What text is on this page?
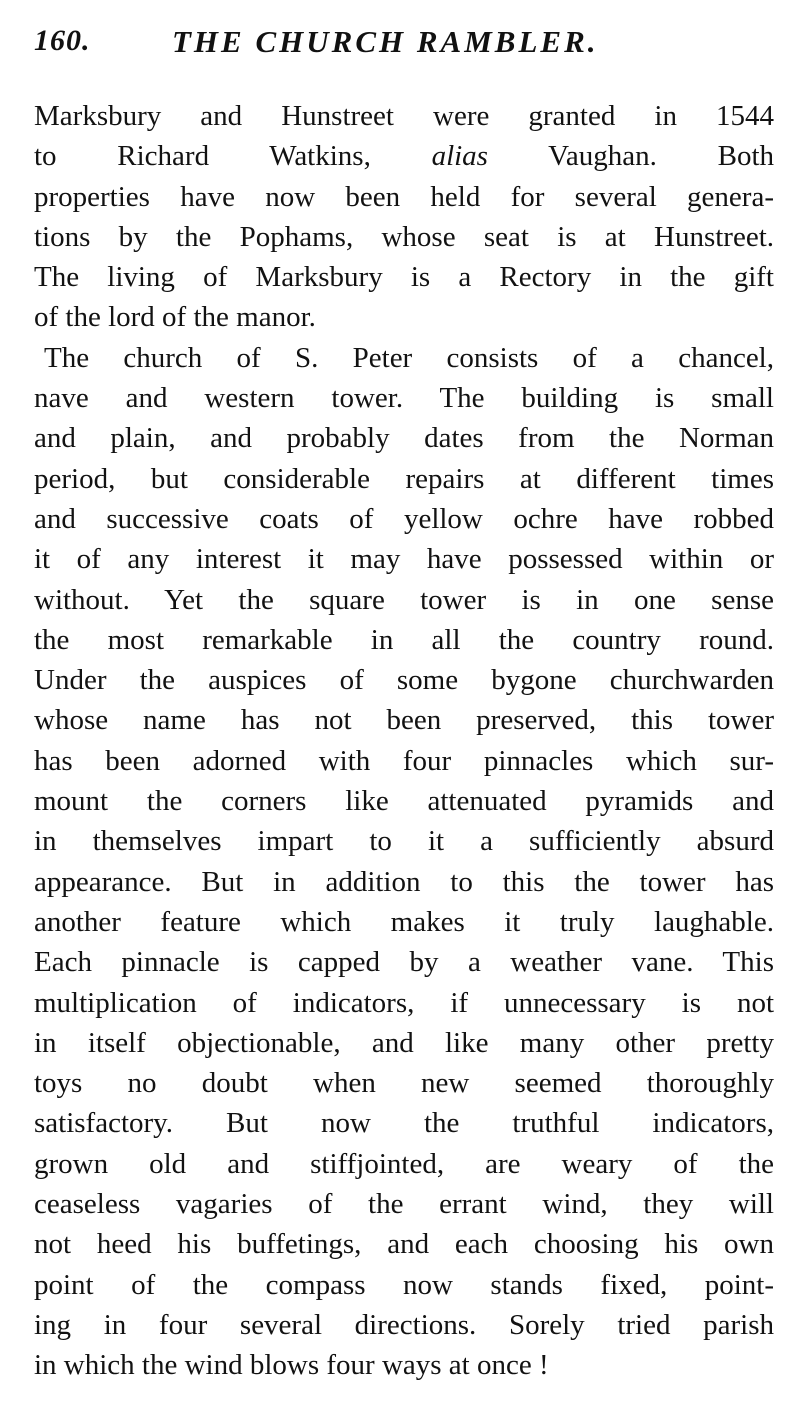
160.	THE CHURCH RAMBLER.
Marksbury and Hunstreet were granted in 1544
to Richard Watkins, alias Vaughan. Both
properties have now been held for several genera-
tions by the Pophams, whose seat is at Hunstreet.
The living of Marksbury is a Rectory in the gift
of the lord of the manor.
The church of S. Peter consists of a chancel,
nave and western tower. The building is small
and plain, and probably dates from the Norman
period, but considerable repairs at different times
and successive coats of yellow ochre have robbed
it of any interest it may have possessed within or
without. Yet the square tower is in one sense
the most remarkable in all the country round.
Under the auspices of some bygone churchwarden
whose name has not been preserved, this tower
has been adorned with four pinnacles which sur-
mount the corners like attenuated pyramids and
in themselves impart to it a sufficiently absurd
appearance. But in addition to this the tower has
another feature which makes it truly laughable.
Each pinnacle is capped by a weather vane. This
multiplication of indicators, if unnecessary is not
in itself objectionable, and like many other pretty
toys no doubt when new seemed thoroughly
satisfactory. But now the truthful indicators,
grown old and stiffjointed, are weary of the
ceaseless vagaries of the errant wind, they will
not heed his buffetings, and each choosing his own
point of the compass now stands fixed, point-
ing in four several directions. Sorely tried parish
in which the wind blows four ways at once !
